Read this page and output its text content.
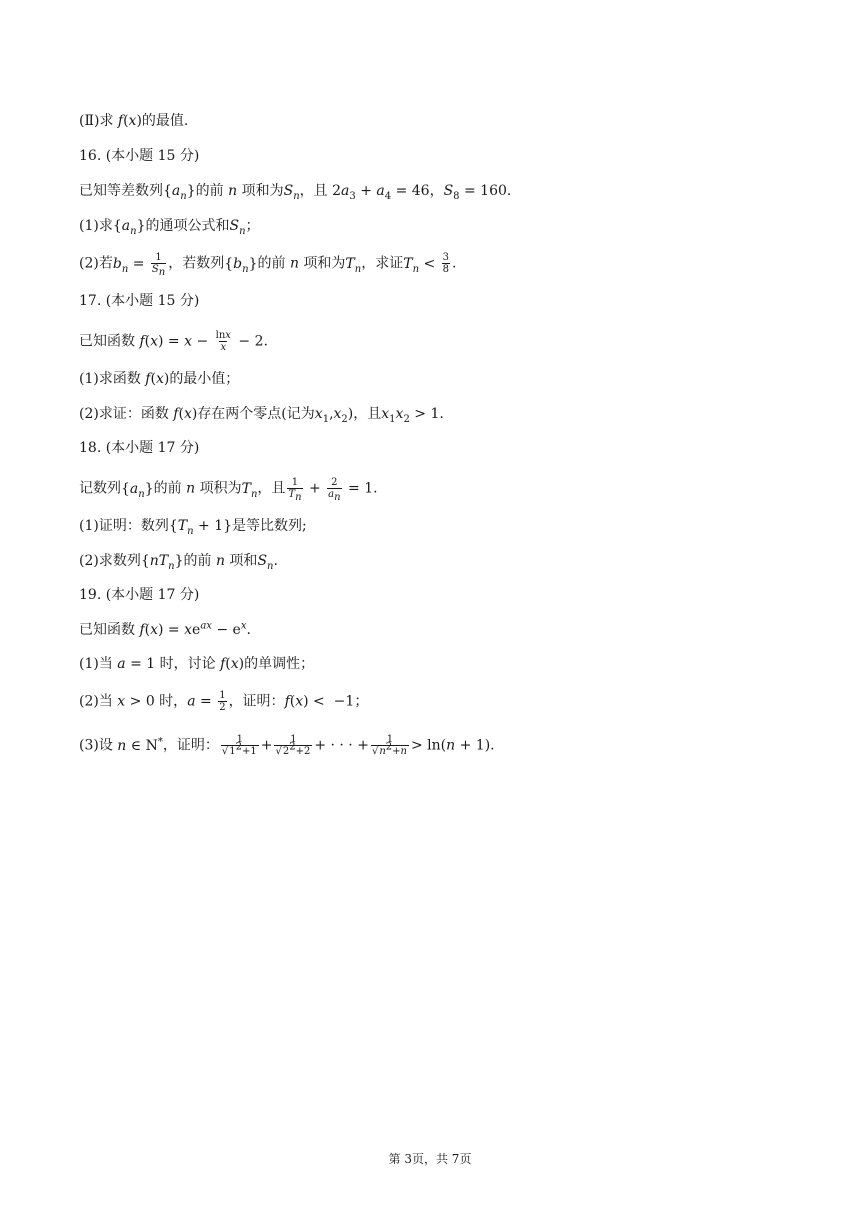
(Ⅱ)求 f(x)的最值.
16. (本小题 15 分)
已知等差数列$\{a_n\}$的前 n 项和为$S_n$，且 $2a_3 + a_4 = 46$，$S_8 = 160$.
(1)求$\{a_n\}$的通项公式和$S_n$；
(2)若$b_n = \frac{1}{S_n}$ ，若数列$\{b_n\}$的前 n 项和为$T_n$，求证$T_n < \frac{3}{8}$ .
17. (本小题 15 分)
已知函数 $f(x) = x - \frac{\ln x}{x} - 2$.
(1)求函数 f(x)的最小值；
(2)求证：函数 f(x)存在两个零点(记为$x_1,x_2$)，且$x_1x_2 > 1$.
18. (本小题 17 分)
记数列$\{a_n\}$的前 n 项积为$T_n$，且 $\frac{1}{T_n} + \frac{2}{a_n} = 1$.
(1)证明：数列$\{T_n + 1\}$是等比数列;
(2)求数列$\{nT_n\}$的前 n 项和$S_n$.
19. (本小题 17 分)
已知函数 $f(x) = xe^{ax} - e^x$.
(1)当 a = 1 时，讨论 f(x)的单调性；
(2)当 x > 0 时，$a = \frac{1}{2}$ ，证明：f(x) <  −1；
(3)设 n ∈ N*，证明： $\frac{1}{√1^2+1} + \frac{1}{√2^2+2}$ + · · · + $\frac{1}{√n^2+n} > \ln(n + 1)$.
第 3页，共 7页
